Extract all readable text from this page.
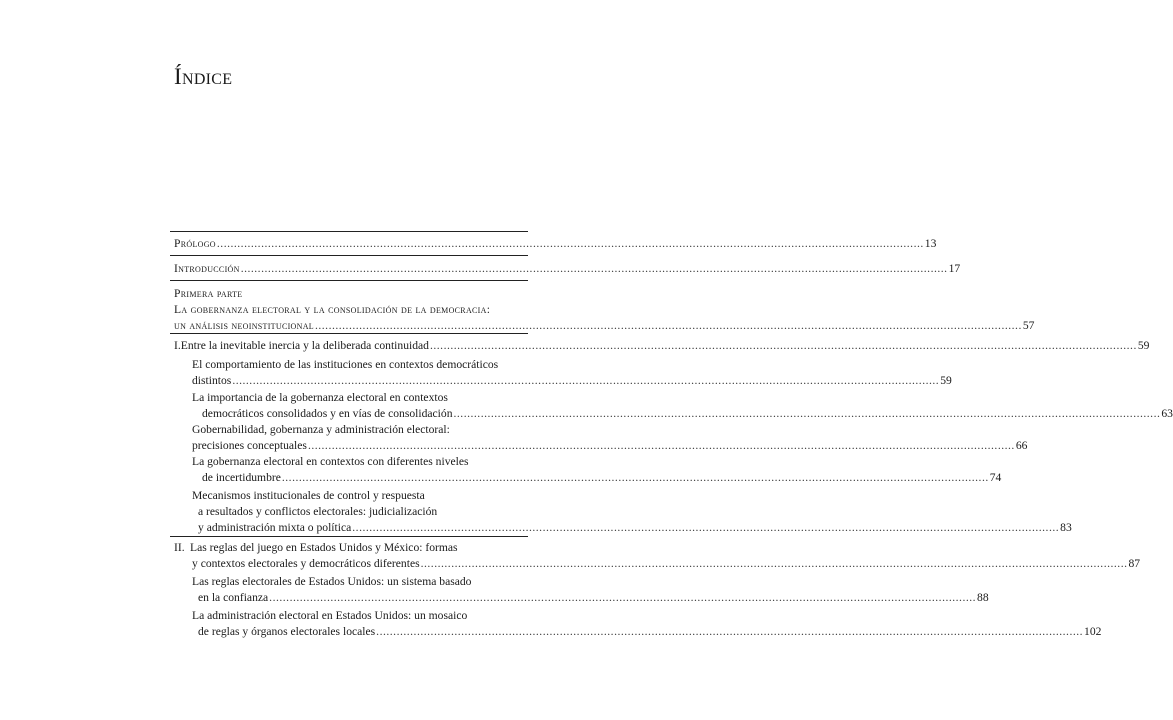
Índice
Prólogo .....	13
Introducción .....	17
Primera parte
La gobernanza electoral y la consolidación de la democracia:
un análisis neoinstitucional .....	57
I. Entre la inevitable inercia y la deliberada continuidad .....	59
El comportamiento de las instituciones en contextos democráticos
distintos .....	59
La importancia de la gobernanza electoral en contextos
democráticos consolidados y en vías de consolidación .....	63
Gobernabilidad, gobernanza y administración electoral:
precisiones conceptuales .....	66
La gobernanza electoral en contextos con diferentes niveles
de incertidumbre .....	74
Mecanismos institucionales de control y respuesta
a resultados y conflictos electorales: judicialización
y administración mixta o política .....	83
II. Las reglas del juego en Estados Unidos y México: formas
y contextos electorales y democráticos diferentes .....	87
Las reglas electorales de Estados Unidos: un sistema basado
en la confianza .....	88
La administración electoral en Estados Unidos: un mosaico
de reglas y órganos electorales locales .....	102
